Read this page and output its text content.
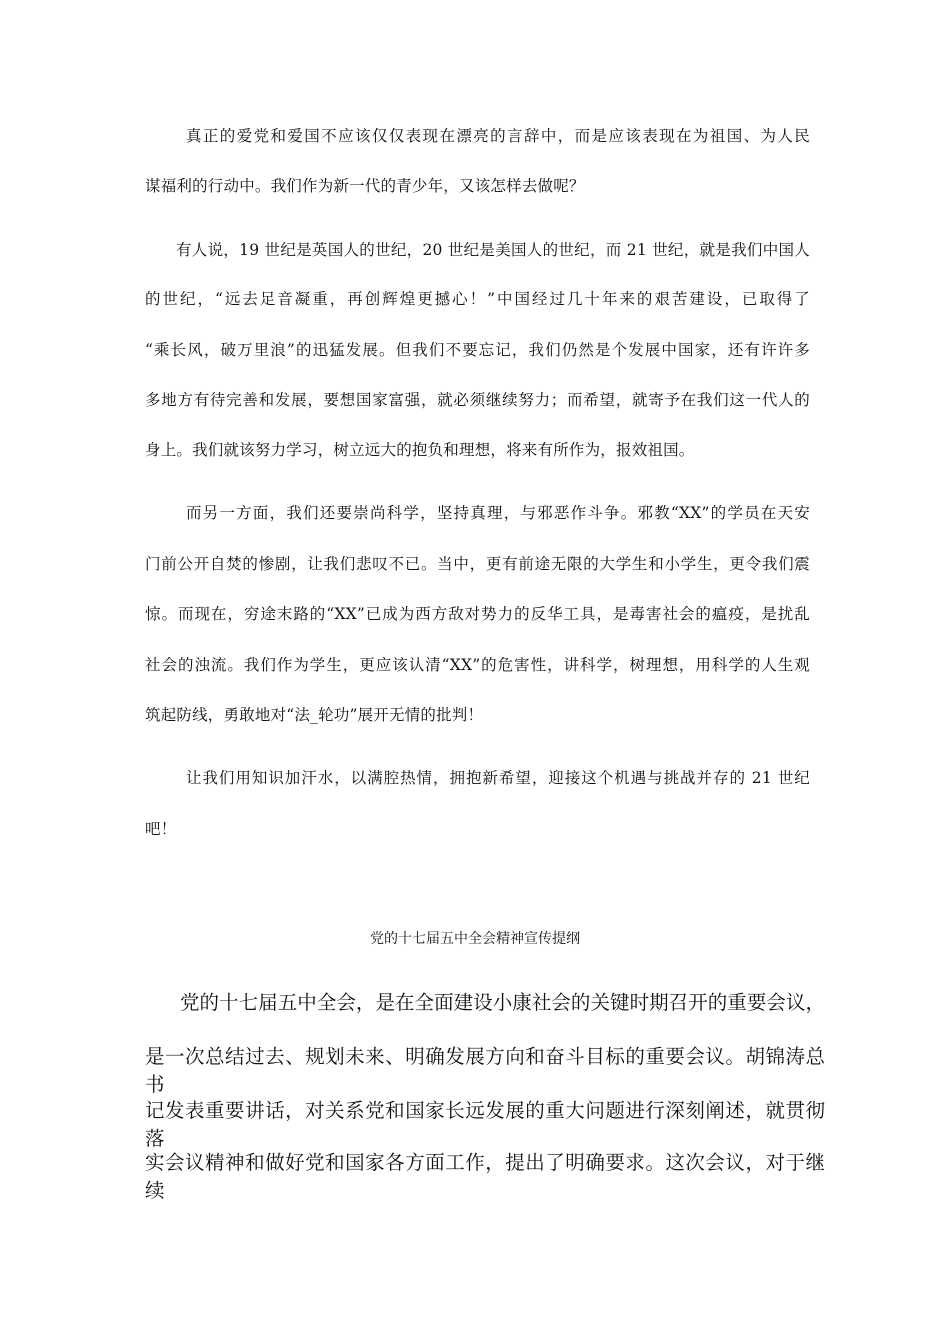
真正的爱党和爱国不应该仅仅表现在漂亮的言辞中，而是应该表现在为祖国、为人民
谋福利的行动中。我们作为新一代的青少年，又该怎样去做呢？
有人说，19 世纪是英国人的世纪，20 世纪是美国人的世纪，而 21 世纪，就是我们中国人
的世纪，“远去足音凝重，再创辉煌更撼心！”中国经过几十年来的艰苦建设，已取得了
“乘长风，破万里浪”的迅猛发展。但我们不要忘记，我们仍然是个发展中国家，还有许许多
多地方有待完善和发展，要想国家富强，就必须继续努力；而希望，就寄予在我们这一代人的
身上。我们就该努力学习，树立远大的抱负和理想，将来有所作为，报效祖国。
而另一方面，我们还要崇尚科学，坚持真理，与邪恶作斗争。邪教“XX”的学员在天安
门前公开自焚的惨剧，让我们悲叹不已。当中，更有前途无限的大学生和小学生，更令我们震
惊。而现在，穷途末路的“XX”已成为西方敌对势力的反华工具，是毒害社会的瘟疫，是扰乱
社会的浊流。我们作为学生，更应该认清“XX”的危害性，讲科学，树理想，用科学的人生观
筑起防线，勇敢地对“法_轮功”展开无情的批判！
让我们用知识加汗水，以满腔热情，拥抱新希望，迎接这个机遇与挑战并存的 21 世纪
吧！
党的十七届五中全会精神宣传提纲
党的十七届五中全会，是在全面建设小康社会的关键时期召开的重要会议，
是一次总结过去、规划未来、明确发展方向和奋斗目标的重要会议。胡锦涛总 书
记发表重要讲话，对关系党和国家长远发展的重大问题进行深刻阐述，就贯彻落
实会议精神和做好党和国家各方面工作，提出了明确要求。这次会议，对于继续
